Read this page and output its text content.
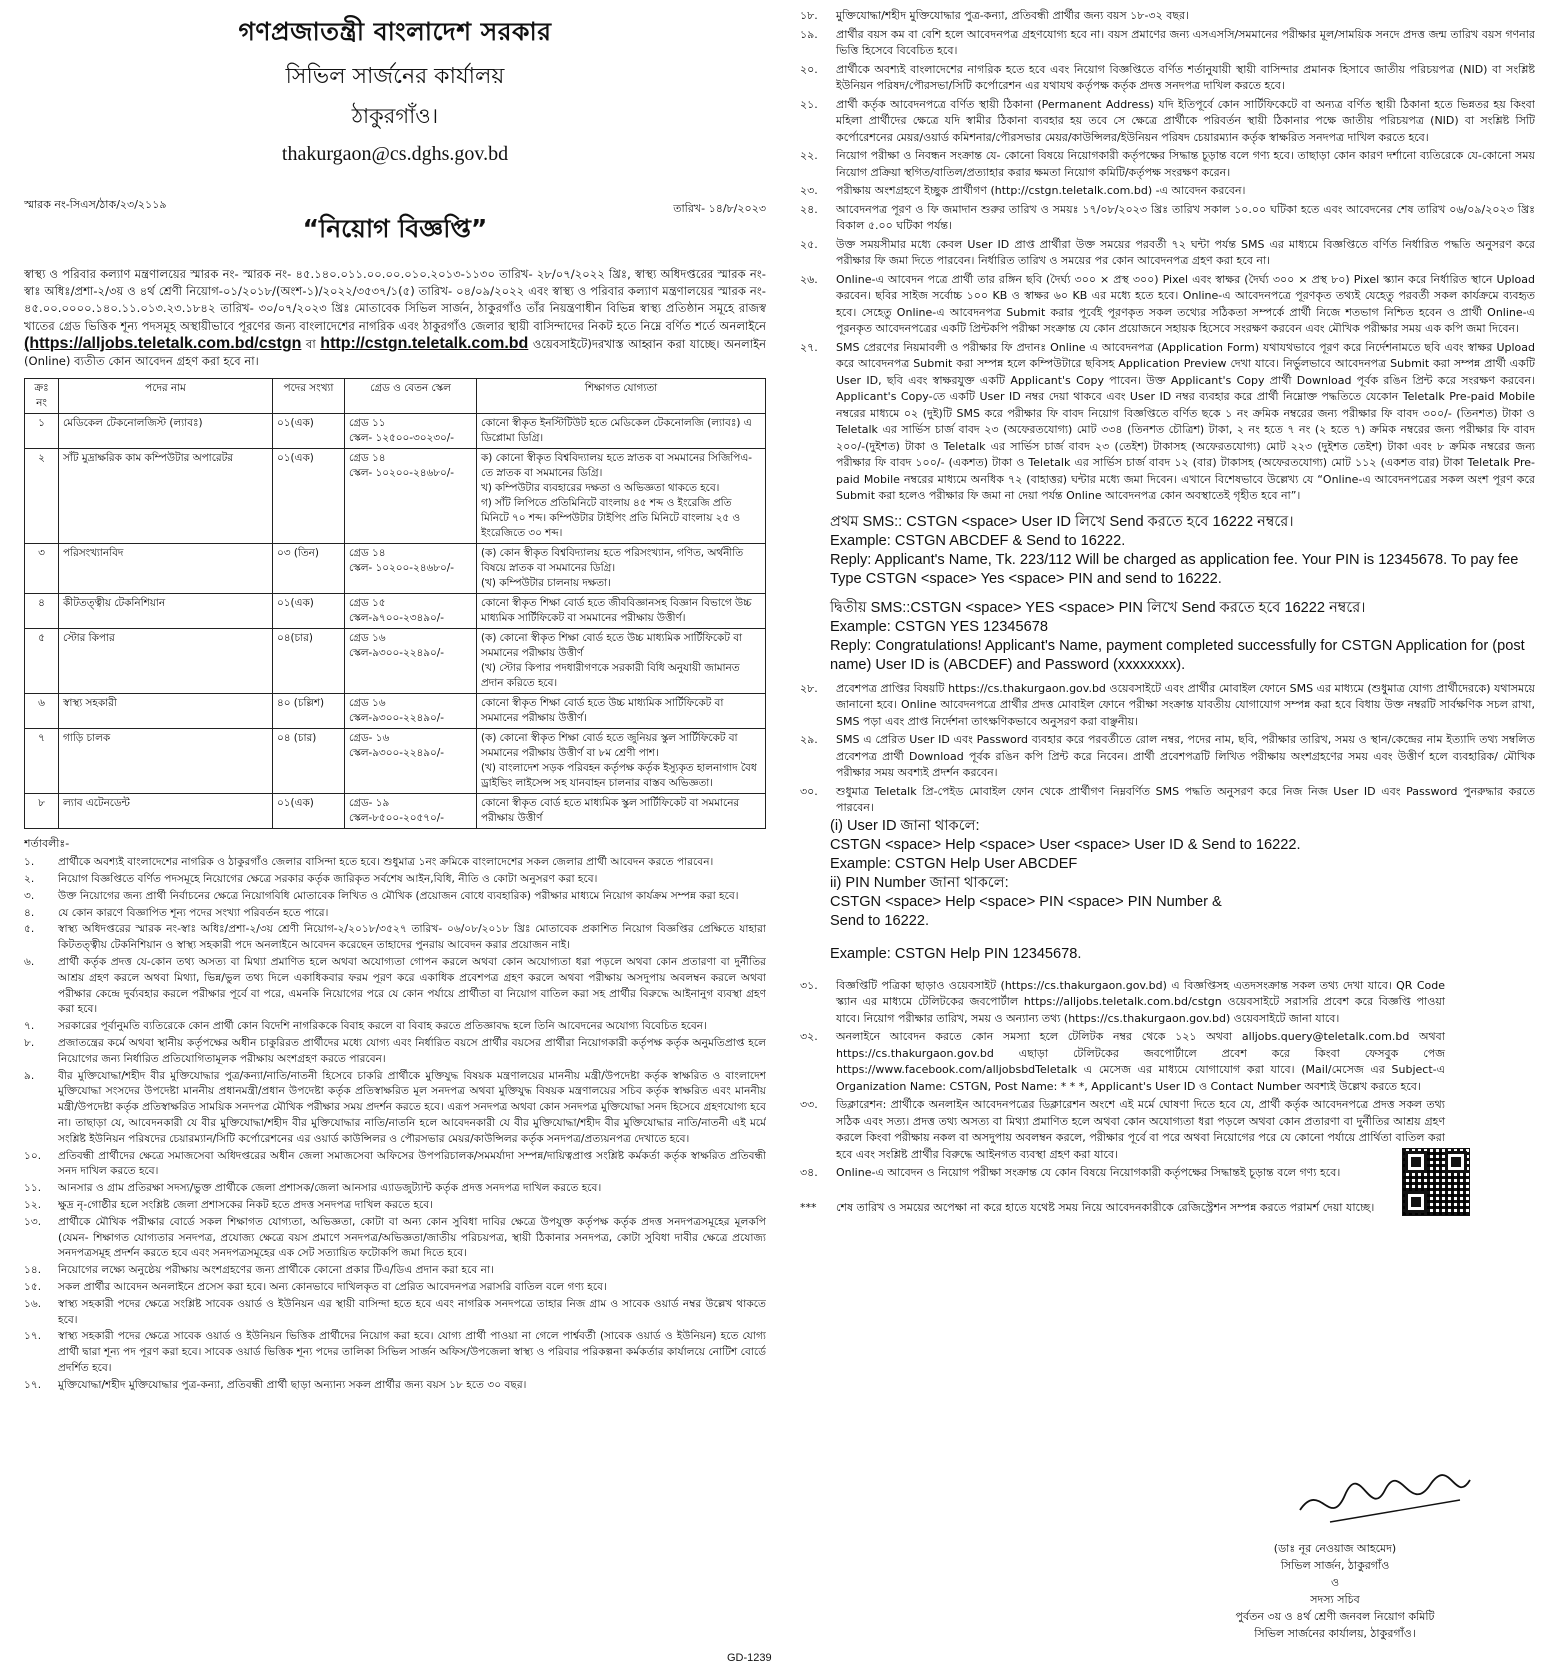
গণপ্রজাতন্ত্রী বাংলাদেশ সরকার
সিভিল সার্জনের কার্যালয়
ঠাকুরগাঁও।
thakurgaon@cs.dghs.gov.bd
স্মারক নং-সিএস/ঠাক/২৩/২১১৯	তারিখ- ১৪/৮/২০২৩
“নিয়োগ বিজ্ঞপ্তি”
স্বাস্থ্য ও পরিবার কল্যাণ মন্ত্রণালয়ের স্মারক নং- স্মারক নং- ৪৫.১৪০.০১১.০০.০০.০১০.২০১৩-১১৩০ তারিখ- ২৮/০৭/২০২২ খ্রিঃ, স্বাস্থ্য অধিদপ্তরের স্মারক নং- স্বাঃ অধিঃ/প্রশা-২/৩য় ও ৪র্থ শ্রেণী নিয়োগ-০১/২০১৮/(অংশ-১)/২০২২/৩৫৩৭/১(৫) তারিখ- ০৪/০৯/২০২২ এবং স্বাস্থ্য ও পরিবার কল্যাণ মন্ত্রণালয়ের স্মারক নং- ৪৫.০০.০০০০.১৪০.১১.০১৩.২৩.১৮৪২ তারিখ- ৩০/০৭/২০২৩ খ্রিঃ মোতাবেক সিভিল সার্জন, ঠাকুরগাঁও তাঁর নিয়ন্ত্রণাধীন বিভিন্ন স্বাস্থ্য প্রতিষ্ঠান সমূহে রাজস্ব খাতের গ্রেড ভিত্তিক শূন্য পদসমূহ অস্থায়ীভাবে পূরণের জন্য বাংলাদেশের নাগরিক এবং ঠাকুরগাঁও জেলার স্থায়ী বাসিন্দাদের নিকট হতে নিম্নে বর্ণিত শর্তে অনলাইনে (https://alljobs.teletalk.com.bd/cstgn বা http://cstgn.teletalk.com.bd ওয়েবসাইটে)দরখাস্ত আহ্বান করা যাচ্ছে। অনলাইন (Online) ব্যতীত কোন আবেদন গ্রহণ করা হবে না।
ক্রঃ নং	পদের নাম	পদের সংখ্যা	গ্রেড ও বেতন স্কেল	শিক্ষাগত যোগ্যতা
১	মেডিকেল টেকনোলজিস্ট (ল্যাবঃ)	০১(এক)	গ্রেড ১১
স্কেল- ১২৫০০-৩০২৩০/-	কোনো স্বীকৃত ইনস্টিটিউট হতে মেডিকেল টেকনোলজি (ল্যাবঃ) এ ডিপ্লোমা ডিগ্রি।
২	সাঁট মুদ্রাক্ষরিক কাম কম্পিউটার অপারেটর	০১(এক)	গ্রেড ১৪
স্কেল- ১০২০০-২৪৬৮০/-	ক) কোনো স্বীকৃত বিশ্ববিদ্যালয় হতে স্নাতক বা সমমানের সিজিপিএ-তে স্নাতক বা সমমানের ডিগ্রি।
খ) কম্পিউটার ব্যবহারের দক্ষতা ও অভিজ্ঞতা থাকতে হবে।
গ) সাঁট লিপিতে প্রতিমিনিটে বাংলায় ৪৫ শব্দ ও ইংরেজি প্রতি মিনিটে ৭০ শব্দ। কম্পিউটার টাইপিং প্রতি মিনিটে বাংলায় ২৫ ও ইংরেজিতে ৩০ শব্দ।
৩	পরিসংখ্যানবিদ	০৩ (তিন)	গ্রেড ১৪
স্কেল- ১০২০০-২৪৬৮০/-	(ক) কোন স্বীকৃত বিশ্ববিদ্যালয় হতে পরিসংখ্যান, গণিত, অর্থনীতি বিষয়ে স্নাতক বা সমমানের ডিগ্রি।
(খ) কম্পিউটার চালনায় দক্ষতা।
৪	কীটতত্ত্বীয় টেকনিশিয়ান	০১(এক)	গ্রেড ১৫
স্কেল-৯৭০০-২৩৪৯০/-	কোনো স্বীকৃত শিক্ষা বোর্ড হতে জীববিজ্ঞানসহ বিজ্ঞান বিভাগে উচ্চ মাধ্যমিক সার্টিফিকেট বা সমমানের পরীক্ষায় উত্তীর্ণ।
৫	স্টোর কিপার	০৪(চার)	গ্রেড ১৬
স্কেল-৯৩০০-২২৪৯০/-	(ক) কোনো স্বীকৃত শিক্ষা বোর্ড হতে উচ্চ মাধ্যমিক সার্টিফিকেট বা সমমানের পরীক্ষায় উত্তীর্ণ
(খ) স্টোর কিপার পদধারীগণকে সরকারী বিধি অনুযায়ী জামানত প্রদান করিতে হবে।
৬	স্বাস্থ্য সহকারী	৪০ (চল্লিশ)	গ্রেড ১৬
স্কেল-৯৩০০-২২৪৯০/-	কোনো স্বীকৃত শিক্ষা বোর্ড হতে উচ্চ মাধ্যমিক সার্টিফিকেট বা সমমানের পরীক্ষায় উত্তীর্ণ।
৭	গাড়ি চালক	০৪ (চার)	গ্রেড- ১৬
স্কেল-৯৩০০-২২৪৯০/-	(ক) কোনো স্বীকৃত শিক্ষা বোর্ড হতে জুনিয়র স্কুল সার্টিফিকেট বা সমমানের পরীক্ষায় উত্তীর্ণ বা ৮ম শ্রেণী পাশ।
(খ) বাংলাদেশ সড়ক পরিবহন কর্তৃপক্ষ কর্তৃক ইস্যুকৃত হালনাগাদ বৈধ ড্রাইভিং লাইসেন্স সহ যানবাহন চালনার বাস্তব অভিজ্ঞতা।
৮	ল্যাব এটেনডেন্ট	০১(এক)	গ্রেড- ১৯
স্কেল-৮৫০০-২০৫৭০/-	কোনো স্বীকৃত বোর্ড হতে মাধ্যমিক স্কুল সার্টিফিকেট বা সমমানের পরীক্ষায় উত্তীর্ণ
শর্তাবলীঃ-
১.	প্রার্থীকে অবশ্যই বাংলাদেশের নাগরিক ও ঠাকুরগাঁও জেলার বাসিন্দা হতে হবে। শুধুমাত্র ১নং ক্রমিকে বাংলাদেশের সকল জেলার প্রার্থী আবেদন করতে পারবেন।
২.	নিয়োগ বিজ্ঞপ্তিতে বর্ণিত পদসমূহে নিয়োগের ক্ষেত্রে সরকার কর্তৃক জারিকৃত সর্বশেষ আইন,বিধি, নীতি ও কোটা অনুসরণ করা হবে।
৩.	উক্ত নিয়োগের জন্য প্রার্থী নির্বাচনের ক্ষেত্রে নিয়োগবিধি মোতাবেক লিখিত ও মৌখিক (প্রয়োজন বোধে ব্যবহারিক) পরীক্ষার মাধ্যমে নিয়োগ কার্যক্রম সম্পন্ন করা হবে।
৪.	যে কোন কারণে বিজ্ঞাপিত শূন্য পদের সংখ্যা পরিবর্তন হতে পারে।
৫.	স্বাস্থ্য অধিদপ্তরের স্মারক নং-স্বাঃ অধিঃ/প্রশা-২/৩য় শ্রেণী নিয়োগ-২/২০১৮/৩৫২৭ তারিখ- ০৬/০৮/২০১৮ খ্রিঃ মোতাবেক প্রকাশিত নিয়োগ বিজ্ঞপ্তির প্রেক্ষিতে যাহারা কিটতত্ত্বীয় টেকনিশিয়ান ও স্বাস্থ্য সহকারী পদে অনলাইনে আবেদন করেছেন তাহাদের পুনরায় আবেদন করার প্রয়োজন নাই।
৬.	প্রার্থী কর্তৃক প্রদত্ত যে-কোন তথ্য অসত্য বা মিথ্যা প্রমাণিত হলে অথবা অযোগ্যতা গোপন করলে অথবা কোন অযোগ্যতা ধরা পড়লে অথবা কোন প্রতারণা বা দুর্নীতির আশ্রয় গ্রহণ করলে অথবা মিথ্যা, ভিন্ন/ভুল তথ্য দিলে একাধিকবার ফরম পূরণ করে একাধিক প্রবেশপত্র গ্রহণ করলে অথবা পরীক্ষায় অসদুপায় অবলম্বন করলে অথবা পরীক্ষার কেন্দ্রে দুর্ব্যবহার করলে পরীক্ষার পূর্বে বা পরে, এমনকি নিয়োগের পরে যে কোন পর্যায়ে প্রার্থীতা বা নিয়োগ বাতিল করা সহ প্রার্থীর বিরুদ্ধে আইনানুগ ব্যবস্থা গ্রহণ করা হবে।
৭.	সরকারের পূর্বানুমতি ব্যতিরেকে কোন প্রার্থী কোন বিদেশি নাগরিককে বিবাহ করলে বা বিবাহ করতে প্রতিজ্ঞাবদ্ধ হলে তিনি আবেদনের অযোগ্য বিবেচিত হবেন।
৮.	প্রজাতন্ত্রের কর্মে অথবা স্থানীয় কর্তৃপক্ষের অধীন চাকুরিরত প্রার্থীদের মধ্যে যোগ্য এবং নির্ধারিত বয়সে প্রার্থীর বয়সের প্রার্থীরা নিয়োগকারী কর্তৃপক্ষ কর্তৃক অনুমতিপ্রাপ্ত হলে নিয়োগের জন্য নির্ধারিত প্রতিযোগিতামূলক পরীক্ষায় অংশগ্রহণ করতে পারবেন।
৯.	বীর মুক্তিযোদ্ধা/শহীদ বীর মুক্তিযোদ্ধার পুত্র/কন্যা/নাতি/নাতনী হিসেবে চাকরি প্রার্থীকে মুক্তিযুদ্ধ বিষয়ক মন্ত্রণালয়ের মাননীয় মন্ত্রী/উপদেষ্টা কর্তৃক স্বাক্ষরিত ও বাংলাদেশ মুক্তিযোদ্ধা সংসদের উপদেষ্টা মাননীয় প্রধানমন্ত্রী/প্রধান উপদেষ্টা কর্তৃক প্রতিস্বাক্ষরিত মূল সনদপত্র অথবা মুক্তিযুদ্ধ বিষয়ক মন্ত্রণালয়ের সচিব কর্তৃক স্বাক্ষরিত এবং মাননীয় মন্ত্রী/উপদেষ্টা কর্তৃক প্রতিস্বাক্ষরিত সাময়িক সনদপত্র মৌখিক পরীক্ষার সময় প্রদর্শন করতে হবে। এরূপ সনদপত্র অথবা কোন সনদপত্র মুক্তিযোদ্ধা সনদ হিসেবে গ্রহণযোগ্য হবে না। তাছাড়া যে, আবেদনকারী যে বীর মুক্তিযোদ্ধা/শহীদ বীর মুক্তিযোদ্ধার নাতি/নাতনি হলে আবেদনকারী যে বীর মুক্তিযোদ্ধা/শহীদ বীর মুক্তিযোদ্ধার নাতি/নাতনী এই মর্মে সংশ্লিষ্ট ইউনিয়ন পরিষদের চেয়ারম্যান/সিটি কর্পোরেশনের এর ওয়ার্ড কাউন্সিলর ও পৌরসভার মেয়র/কাউন্সিলর কর্তৃক সনদপত্র/প্রত্যয়নপত্র দেখাতে হবে।
১০.	প্রতিবন্ধী প্রার্থীদের ক্ষেত্রে সমাজসেবা অধিদপ্তরের অধীন জেলা সমাজসেবা অফিসের উপপরিচালক/সমমর্যাদা সম্পন্ন/দায়িত্বপ্রাপ্ত সংশ্লিষ্ট কর্মকর্তা কর্তৃক স্বাক্ষরিত প্রতিবন্ধী সনদ দাখিল করতে হবে।
১১.	আনসার ও গ্রাম প্রতিরক্ষা সদস্য/ভুক্ত প্রার্থীকে জেলা প্রশাসক/জেলা আনসার এ্যাডজুট্যান্ট কর্তৃক প্রদত্ত সনদপত্র দাখিল করতে হবে।
১২.	ক্ষুদ্র নৃ-গোষ্ঠীর হলে সংশ্লিষ্ট জেলা প্রশাসকের নিকট হতে প্রদত্ত সনদপত্র দাখিল করতে হবে।
১৩.	প্রার্থীকে মৌখিক পরীক্ষার বোর্ডে সকল শিক্ষাগত যোগ্যতা, অভিজ্ঞতা, কোটা বা অন্য কোন সুবিধা দাবির ক্ষেত্রে উপযুক্ত কর্তৃপক্ষ কর্তৃক প্রদত্ত সনদপত্রসমূহের মূলকপি (যেমন- শিক্ষাগত যোগ্যতার সনদপত্র, প্রযোজ্য ক্ষেত্রে বয়স প্রমাণে সনদপত্র/অভিজ্ঞতা/জাতীয় পরিচয়পত্র, স্থায়ী ঠিকানার সনদপত্র, কোটা সুবিধা দাবীর ক্ষেত্রে প্রযোজ্য সনদপত্রসমূহ প্রদর্শন করতে হবে এবং সনদপত্রসমূহের এক সেট সত্যায়িত ফটোকপি জমা দিতে হবে।
১৪.	নিয়োগের লক্ষ্যে অনুষ্ঠেয় পরীক্ষায় অংশগ্রহণের জন্য প্রার্থীকে কোনো প্রকার টিএ/ডিএ প্রদান করা হবে না।
১৫.	সকল প্রার্থীর আবেদন অনলাইনে প্রসেস করা হবে। অন্য কোনভাবে দাখিলকৃত বা প্রেরিত আবেদনপত্র সরাসরি বাতিল বলে গণ্য হবে।
১৬.	স্বাস্থ্য সহকারী পদের ক্ষেত্রে সংশ্লিষ্ট সাবেক ওয়ার্ড ও ইউনিয়ন এর স্থায়ী বাসিন্দা হতে হবে এবং নাগরিক সনদপত্রে তাহার নিজ গ্রাম ও সাবেক ওয়ার্ড নম্বর উল্লেখ থাকতে হবে।
১৭.	স্বাস্থ্য সহকারী পদের ক্ষেত্রে সাবেক ওয়ার্ড ও ইউনিয়ন ভিত্তিক প্রার্থীদের নিয়োগ করা হবে। যোগ্য প্রার্থী পাওয়া না গেলে পার্শ্ববর্তী (সাবেক ওয়ার্ড ও ইউনিয়ন) হতে যোগ্য প্রার্থী দ্বারা শূন্য পদ পূরণ করা হবে। সাবেক ওয়ার্ড ভিত্তিক শূন্য পদের তালিকা সিভিল সার্জন অফিস/উপজেলা স্বাস্থ্য ও পরিবার পরিকল্পনা কর্মকর্তার কার্যালয়ে নোটিশ বোর্ডে প্রদর্শিত হবে।
১৭.	মুক্তিযোদ্ধা/শহীদ মুক্তিযোদ্ধার পুত্র-কন্যা, প্রতিবন্ধী প্রার্থী ছাড়া অন্যান্য সকল প্রার্থীর জন্য বয়স ১৮ হতে ৩০ বছর।
১৮.	মুক্তিযোদ্ধা/শহীদ মুক্তিযোদ্ধার পুত্র-কন্যা, প্রতিবন্ধী প্রার্থীর জন্য বয়স ১৮-৩২ বছর।
১৯.	প্রার্থীর বয়স কম বা বেশি হলে আবেদনপত্র গ্রহণযোগ্য হবে না। বয়স প্রমাণের জন্য এসএসসি/সমমানের পরীক্ষার মূল/সাময়িক সনদে প্রদত্ত জন্ম তারিখ বয়স গণনার ভিত্তি হিসেবে বিবেচিত হবে।
২০.	প্রার্থীকে অবশ্যই বাংলাদেশের নাগরিক হতে হবে এবং নিয়োগ বিজ্ঞপ্তিতে বর্ণিত শর্তানুযায়ী স্থায়ী বাসিন্দার প্রমানক হিসাবে জাতীয় পরিচয়পত্র (NID) বা সংশ্লিষ্ট ইউনিয়ন পরিষদ/পৌরসভা/সিটি কর্পোরেশন এর যথাযথ কর্তৃপক্ষ কর্তৃক প্রদত্ত সনদপত্র দাখিল করতে হবে।
২১.	প্রার্থী কর্তৃক আবেদনপত্রে বর্ণিত স্থায়ী ঠিকানা (Permanent Address) যদি ইতিপূর্বে কোন সার্টিফিকেটে বা অন্যত্র বর্ণিত স্থায়ী ঠিকানা হতে ভিন্নতর হয় কিংবা মহিলা প্রার্থীদের ক্ষেত্রে যদি স্বামীর ঠিকানা ব্যবহার হয় তবে সে ক্ষেত্রে প্রার্থীকে পরিবর্তন স্থায়ী ঠিকানার পক্ষে জাতীয় পরিচয়পত্র (NID) বা সংশ্লিষ্ট সিটি কর্পোরেশনের মেয়র/ওয়ার্ড কমিশনার/পৌরসভার মেয়র/কাউন্সিলর/ইউনিয়ন পরিষদ চেয়ারম্যান কর্তৃক স্বাক্ষরিত সনদপত্র দাখিল করতে হবে।
২২.	নিয়োগ পরীক্ষা ও নিবন্ধন সংক্রান্ত যে- কোনো বিষয়ে নিয়োগকারী কর্তৃপক্ষের সিদ্ধান্ত চূড়ান্ত বলে গণ্য হবে। তাছাড়া কোন কারণ দর্শানো ব্যতিরেকে যে-কোনো সময় নিয়োগ প্রক্রিয়া স্থগিত/বাতিল/প্রত্যাহার করার ক্ষমতা নিয়োগ কমিটি/কর্তৃপক্ষ সংরক্ষণ করেন।
২৩.	পরীক্ষায় অংশগ্রহণে ইচ্ছুক প্রার্থীগণ (http://cstgn.teletalk.com.bd) -এ আবেদন করবেন।
২৪.	আবেদনপত্র পূরণ ও ফি জমাদান শুরুর তারিখ ও সময়ঃ ১৭/০৮/২০২৩ খ্রিঃ তারিখ সকাল ১০.০০ ঘটিকা হতে এবং আবেদনের শেষ তারিখ ০৬/০৯/২০২৩ খ্রিঃ বিকাল ৫.০০ ঘটিকা পর্যন্ত।
২৫.	উক্ত সময়সীমার মধ্যে কেবল User ID প্রাপ্ত প্রার্থীরা উক্ত সময়ের পরবর্তী ৭২ ঘন্টা পর্যন্ত SMS এর মাধ্যমে বিজ্ঞপ্তিতে বর্ণিত নির্ধারিত পদ্ধতি অনুসরণ করে পরীক্ষার ফি জমা দিতে পারবেন। নির্ধারিত তারিখ ও সময়ের পর কোন আবেদনপত্র গ্রহণ করা হবে না।
২৬.	Online-এ আবেদন পত্রে প্রার্থী তার রঙ্গিন ছবি (দৈর্ঘ্য ৩০০ × প্রস্থ ৩০০) Pixel এবং স্বাক্ষর (দৈর্ঘ্য ৩০০ × প্রস্থ ৮০) Pixel স্ক্যান করে নির্ধারিত স্থানে Upload করবেন। ছবির সাইজ সর্বোচ্চ ১০০ KB ও স্বাক্ষর ৬০ KB এর মধ্যে হতে হবে। Online-এ আবেদনপত্রে পূরণকৃত তথ্যই যেহেতু পরবর্তী সকল কার্যক্রমে ব্যবহৃত হবে। সেহেতু Online-এ আবেদনপত্র Submit করার পূর্বেই পূরণকৃত সকল তথ্যের সঠিকতা সম্পর্কে প্রার্থী নিজে শতভাগ নিশ্চিত হবেন ও প্রার্থী Online-এ পূরনকৃত আবেদনপত্রের একটি প্রিন্টকপি পরীক্ষা সংক্রান্ত যে কোন প্রয়োজনে সহায়ক হিসেবে সংরক্ষণ করবেন এবং মৌখিক পরীক্ষার সময় এক কপি জমা দিবেন।
২৭.	SMS প্রেরণের নিয়মাবলী ও পরীক্ষার ফি প্রদানঃ Online এ আবেদনপত্র (Application Form) যথাযথভাবে পূরণ করে নির্দেশনামতে ছবি এবং স্বাক্ষর Upload করে আবেদনপত্র Submit করা সম্পন্ন হলে কম্পিউটারে ছবিসহ Application Preview দেখা যাবে। নির্ভুলভাবে আবেদনপত্র Submit করা সম্পন্ন প্রার্থী একটি User ID, ছবি এবং স্বাক্ষরযুক্ত একটি Applicant's Copy পাবেন। উক্ত Applicant's Copy প্রার্থী Download পূর্বক রঙিন প্রিন্ট করে সংরক্ষণ করবেন। Applicant's Copy-তে একটি User ID নম্বর দেয়া থাকবে এবং User ID নম্বর ব্যবহার করে প্রার্থী নিম্নোক্ত পদ্ধতিতে যেকোন Teletalk Pre-paid Mobile নম্বরের মাধ্যমে ০২ (দুই)টি SMS করে পরীক্ষার ফি বাবদ নিয়োগ বিজ্ঞপ্তিতে বর্ণিত ছকে ১ নং ক্রমিক নম্বরের জন্য পরীক্ষার ফি বাবদ ৩০০/- (তিনশত) টাকা ও Teletalk এর সার্ভিস চার্জ বাবদ ২৩ (অফেরতযোগ্য) মোট ৩৩৪ (তিনশত চৌত্রিশ) টাকা, ২ নং হতে ৭ নং (২ হতে ৭) ক্রমিক নম্বরের জন্য পরীক্ষার ফি বাবদ ২০০/-(দুইশত) টাকা ও Teletalk এর সার্ভিস চার্জ বাবদ ২৩ (তেইশ) টাকাসহ (অফেরতযোগ্য) মোট ২২৩ (দুইশত তেইশ) টাকা এবং ৮ ক্রমিক নম্বরের জন্য পরীক্ষার ফি বাবদ ১০০/- (একশত) টাকা ও Teletalk এর সার্ভিস চার্জ বাবদ ১২ (বার) টাকাসহ (অফেরতযোগ্য) মোট ১১২ (একশত বার) টাকা Teletalk Pre-paid Mobile নম্বরের মাধ্যমে অনধিক ৭২ (বাহাত্তর) ঘন্টার মধ্যে জমা দিবেন। এখানে বিশেষভাবে উল্লেখ্য যে “Online-এ আবেদনপত্রের সকল অংশ পূরণ করে Submit করা হলেও পরীক্ষার ফি জমা না দেয়া পর্যন্ত Online আবেদনপত্র কোন অবস্থাতেই গৃহীত হবে না”।
প্রথম SMS:: CSTGN <space> User ID লিখে Send করতে হবে 16222 নম্বরে।
Example: CSTGN ABCDEF & Send to 16222.
Reply: Applicant's Name, Tk. 223/112 Will be charged as application fee. Your PIN is 12345678. To pay fee Type CSTGN <space> Yes <space> PIN and send to 16222.
দ্বিতীয় SMS::CSTGN <space> YES <space> PIN লিখে Send করতে হবে 16222 নম্বরে।
Example: CSTGN YES 12345678
Reply: Congratulations! Applicant's Name, payment completed successfully for CSTGN Application for (post name) User ID is (ABCDEF) and Password (xxxxxxxx).
২৮.	প্রবেশপত্র প্রাপ্তির বিষয়টি https://cs.thakurgaon.gov.bd ওয়েবসাইটে এবং প্রার্থীর মোবাইল ফোনে SMS এর মাধ্যমে (শুধুমাত্র যোগ্য প্রার্থীদেরকে) যথাসময়ে জানানো হবে। Online আবেদনপত্রে প্রার্থীর প্রদত্ত মোবাইল ফোনে পরীক্ষা সংক্রান্ত যাবতীয় যোগাযোগ সম্পন্ন করা হবে বিধায় উক্ত নম্বরটি সার্বক্ষণিক সচল রাখা, SMS পড়া এবং প্রাপ্ত নির্দেশনা তাৎক্ষণিকভাবে অনুসরণ করা বাঞ্ছনীয়।
২৯.	SMS এ প্রেরিত User ID এবং Password ব্যবহার করে পরবর্তীতে রোল নম্বর, পদের নাম, ছবি, পরীক্ষার তারিখ, সময় ও স্থান/কেন্দ্রের নাম ইত্যাদি তথ্য সম্বলিত প্রবেশপত্র প্রার্থী Download পূর্বক রঙিন কপি প্রিন্ট করে নিবেন। প্রার্থী প্রবেশপত্রটি লিখিত পরীক্ষায় অংশগ্রহণের সময় এবং উত্তীর্ণ হলে ব্যবহারিক/ মৌখিক পরীক্ষার সময় অবশ্যই প্রদর্শন করবেন।
৩০.	শুধুমাত্র Teletalk প্রি-পেইড মোবাইল ফোন থেকে প্রার্থীগণ নিম্নবর্ণিত SMS পদ্ধতি অনুসরণ করে নিজ নিজ User ID এবং Password পুনরুদ্ধার করতে পারবেন।
(i) User ID জানা থাকলে:
CSTGN <space> Help <space> User <space> User ID & Send to 16222.
Example: CSTGN Help User ABCDEF
ii) PIN Number জানা থাকলে:
CSTGN <space> Help <space> PIN <space> PIN Number &
Send to 16222.
Example: CSTGN Help PIN 12345678.
৩১.	বিজ্ঞপ্তিটি পত্রিকা ছাড়াও ওয়েবসাইট (https://cs.thakurgaon.gov.bd) এ বিজ্ঞপ্তিসহ এতদসংক্রান্ত সকল তথ্য দেখা যাবে। QR Code স্ক্যান এর মাধ্যমে টেলিটকের জবপোর্টাল https://alljobs.teletalk.com.bd/cstgn ওয়েবসাইটে সরাসরি প্রবেশ করে বিজ্ঞপ্তি পাওয়া যাবে। নিয়োগ পরীক্ষার তারিখ, সময় ও অন্যান্য তথ্য (https://cs.thakurgaon.gov.bd) ওয়েবসাইটে জানা যাবে।
৩২.	অনলাইনে আবেদন করতে কোন সমস্যা হলে টেলিটক নম্বর থেকে ১২১ অথবা alljobs.query@teletalk.com.bd অথবা https://cs.thakurgaon.gov.bd এছাড়া টেলিটকের জবপোর্টালে প্রবেশ করে কিংবা ফেসবুক পেজ https://www.facebook.com/alljobsbdTeletalk এ মেসেজ এর মাধ্যমে যোগাযোগ করা যাবে। (Mail/মেসেজ এর Subject-এ Organization Name: CSTGN, Post Name: * * *, Applicant's User ID ও Contact Number অবশ্যই উল্লেখ করতে হবে।
৩৩.	ডিক্লারেশন: প্রার্থীকে অনলাইন আবেদনপত্রের ডিক্লারেশন অংশে এই মর্মে ঘোষণা দিতে হবে যে, প্রার্থী কর্তৃক আবেদনপত্রে প্রদত্ত সকল তথ্য সঠিক এবং সত্য। প্রদত্ত তথ্য অসত্য বা মিথ্যা প্রমাণিত হলে অথবা কোন অযোগ্যতা ধরা পড়লে অথবা কোন প্রতারণা বা দুর্নীতির আশ্রয় গ্রহণ করলে কিংবা পরীক্ষায় নকল বা অসদুপায় অবলম্বন করলে, পরীক্ষার পূর্বে বা পরে অথবা নিয়োগের পরে যে কোনো পর্যায়ে প্রার্থিতা বাতিল করা হবে এবং সংশ্লিষ্ট প্রার্থীর বিরুদ্ধে আইনগত ব্যবস্থা গ্রহণ করা যাবে।
৩৪.	Online-এ আবেদন ও নিয়োগ পরীক্ষা সংক্রান্ত যে কোন বিষয়ে নিয়োগকারী কর্তৃপক্ষের সিদ্ধান্তই চূড়ান্ত বলে গণ্য হবে।
***	শেষ তারিখ ও সময়ের অপেক্ষা না করে হাতে যথেষ্ট সময় নিয়ে আবেদনকারীকে রেজিস্ট্রেশন সম্পন্ন করতে পরামর্শ দেয়া যাচ্ছে।
(ডাঃ নূর নেওয়াজ আহমেদ)
সিভিল সার্জন, ঠাকুরগাঁও
ও
সদস্য সচিব
পুর্বতন ৩য় ও ৪র্থ শ্রেণী জনবল নিয়োগ কমিটি
সিভিল সার্জনের কার্যালয়, ঠাকুরগাঁও।
GD-1239
